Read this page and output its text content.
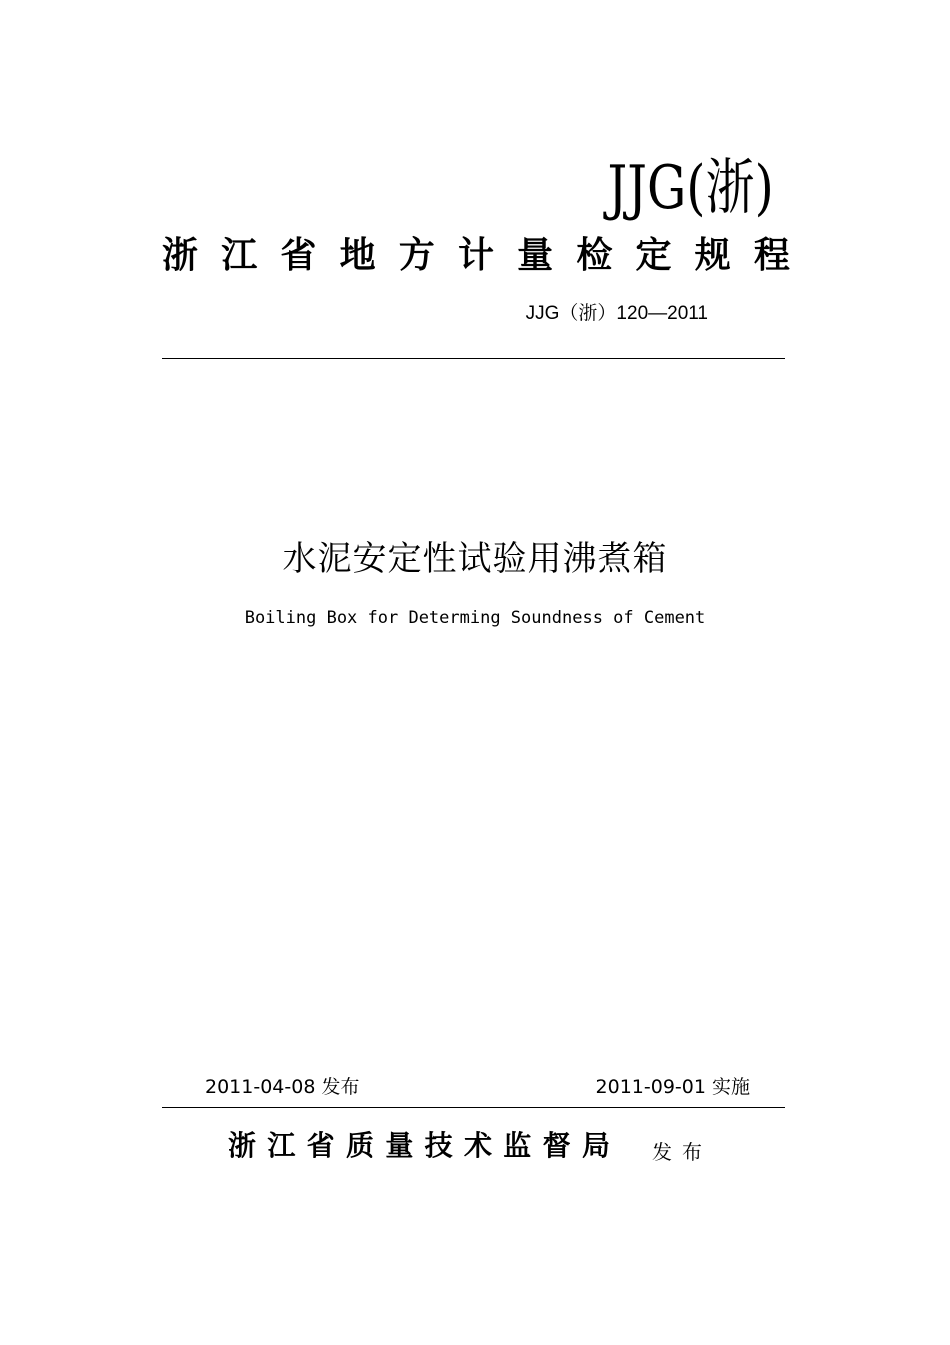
JJG(浙)
浙 江 省 地 方 计 量 检 定 规 程
JJG（浙）120—2011
水泥安定性试验用沸煮箱
Boiling Box for Determing Soundness of Cement
2011-04-08 发布	2011-09-01 实施
浙 江 省 质 量 技 术 监 督 局 发布
